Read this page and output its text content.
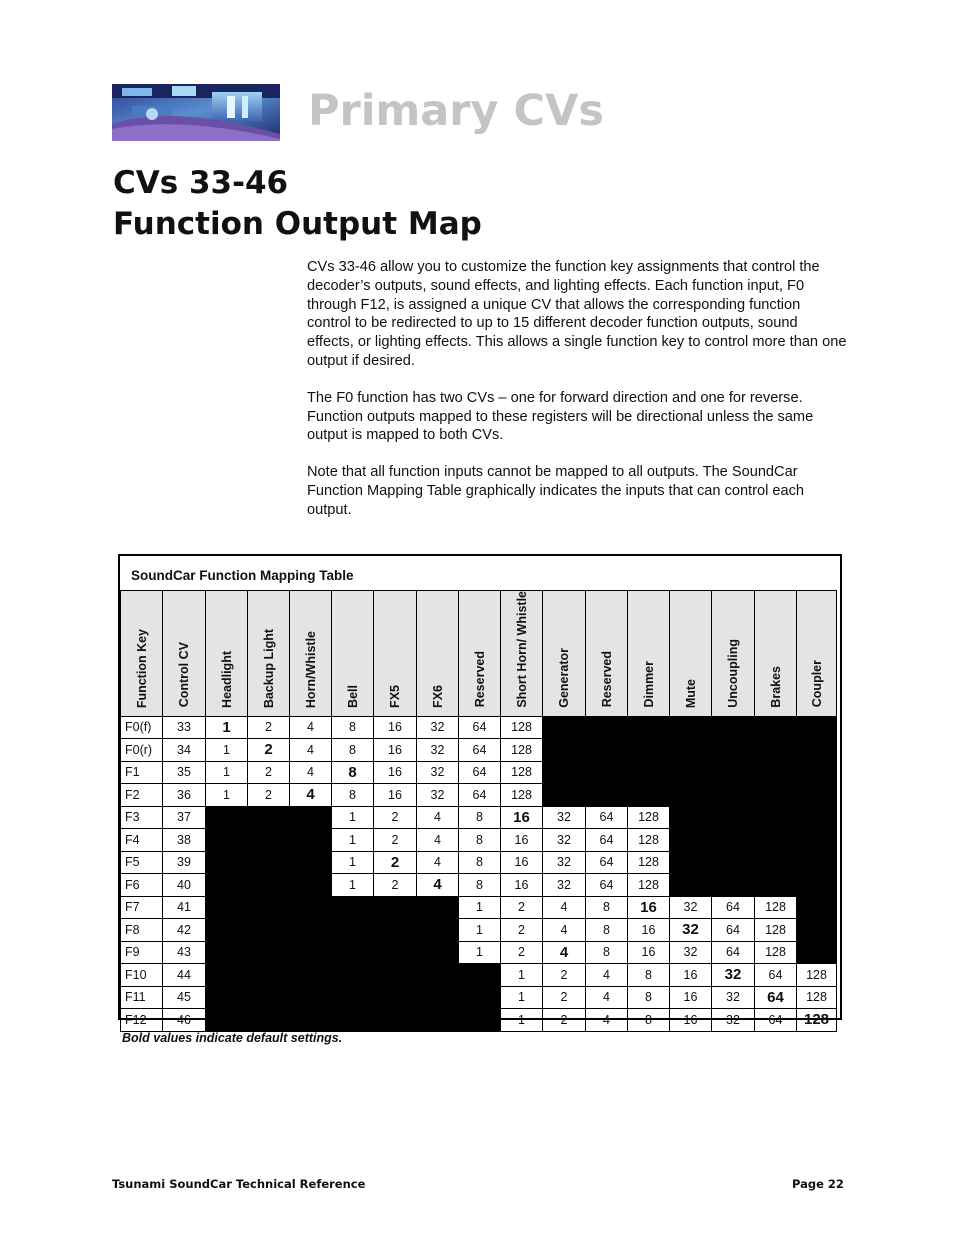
Primary CVs
CVs 33-46
Function Output Map

CVs 33-46 allow you to customize the function key assignments that control the decoder’s outputs, sound effects, and lighting effects. Each function input, F0 through F12, is assigned a unique CV that allows the corresponding function control to be redirected to up to 15 different decoder function outputs, sound effects, or lighting effects. This allows a single function key to control more than one output if desired.

The F0 function has two CVs – one for forward direction and one for reverse. Function outputs mapped to these registers will be directional unless the same output is mapped to both CVs.

Note that all function inputs cannot be mapped to all outputs. The SoundCar Function Mapping Table graphically indicates the inputs that can control each output.

SoundCar Function Mapping Table
Function Key	Control CV	Headlight	Backup Light	Horn/Whistle	Bell	FX5	FX6	Reserved	Short Horn/ Whistle	Generator	Reserved	Dimmer	Mute	Uncoupling	Brakes	Coupler

F0(f)	33	1	2	4	8	16	32	64	128							
F0(r)	34	1	2	4	8	16	32	64	128							
F1	35	1	2	4	8	16	32	64	128							
F2	36	1	2	4	8	16	32	64	128							
F3	37				1	2	4	8	16	32	64	128				
F4	38				1	2	4	8	16	32	64	128				
F5	39				1	2	4	8	16	32	64	128				
F6	40				1	2	4	8	16	32	64	128				
F7	41							1	2	4	8	16	32	64	128	
F8	42							1	2	4	8	16	32	64	128	
F9	43							1	2	4	8	16	32	64	128	
F10	44								1	2	4	8	16	32	64	128
F11	45								1	2	4	8	16	32	64	128
F12	46								1	2	4	8	16	32	64	128
Bold values indicate default settings.
Tsunami SoundCar Technical Reference	Page 22
